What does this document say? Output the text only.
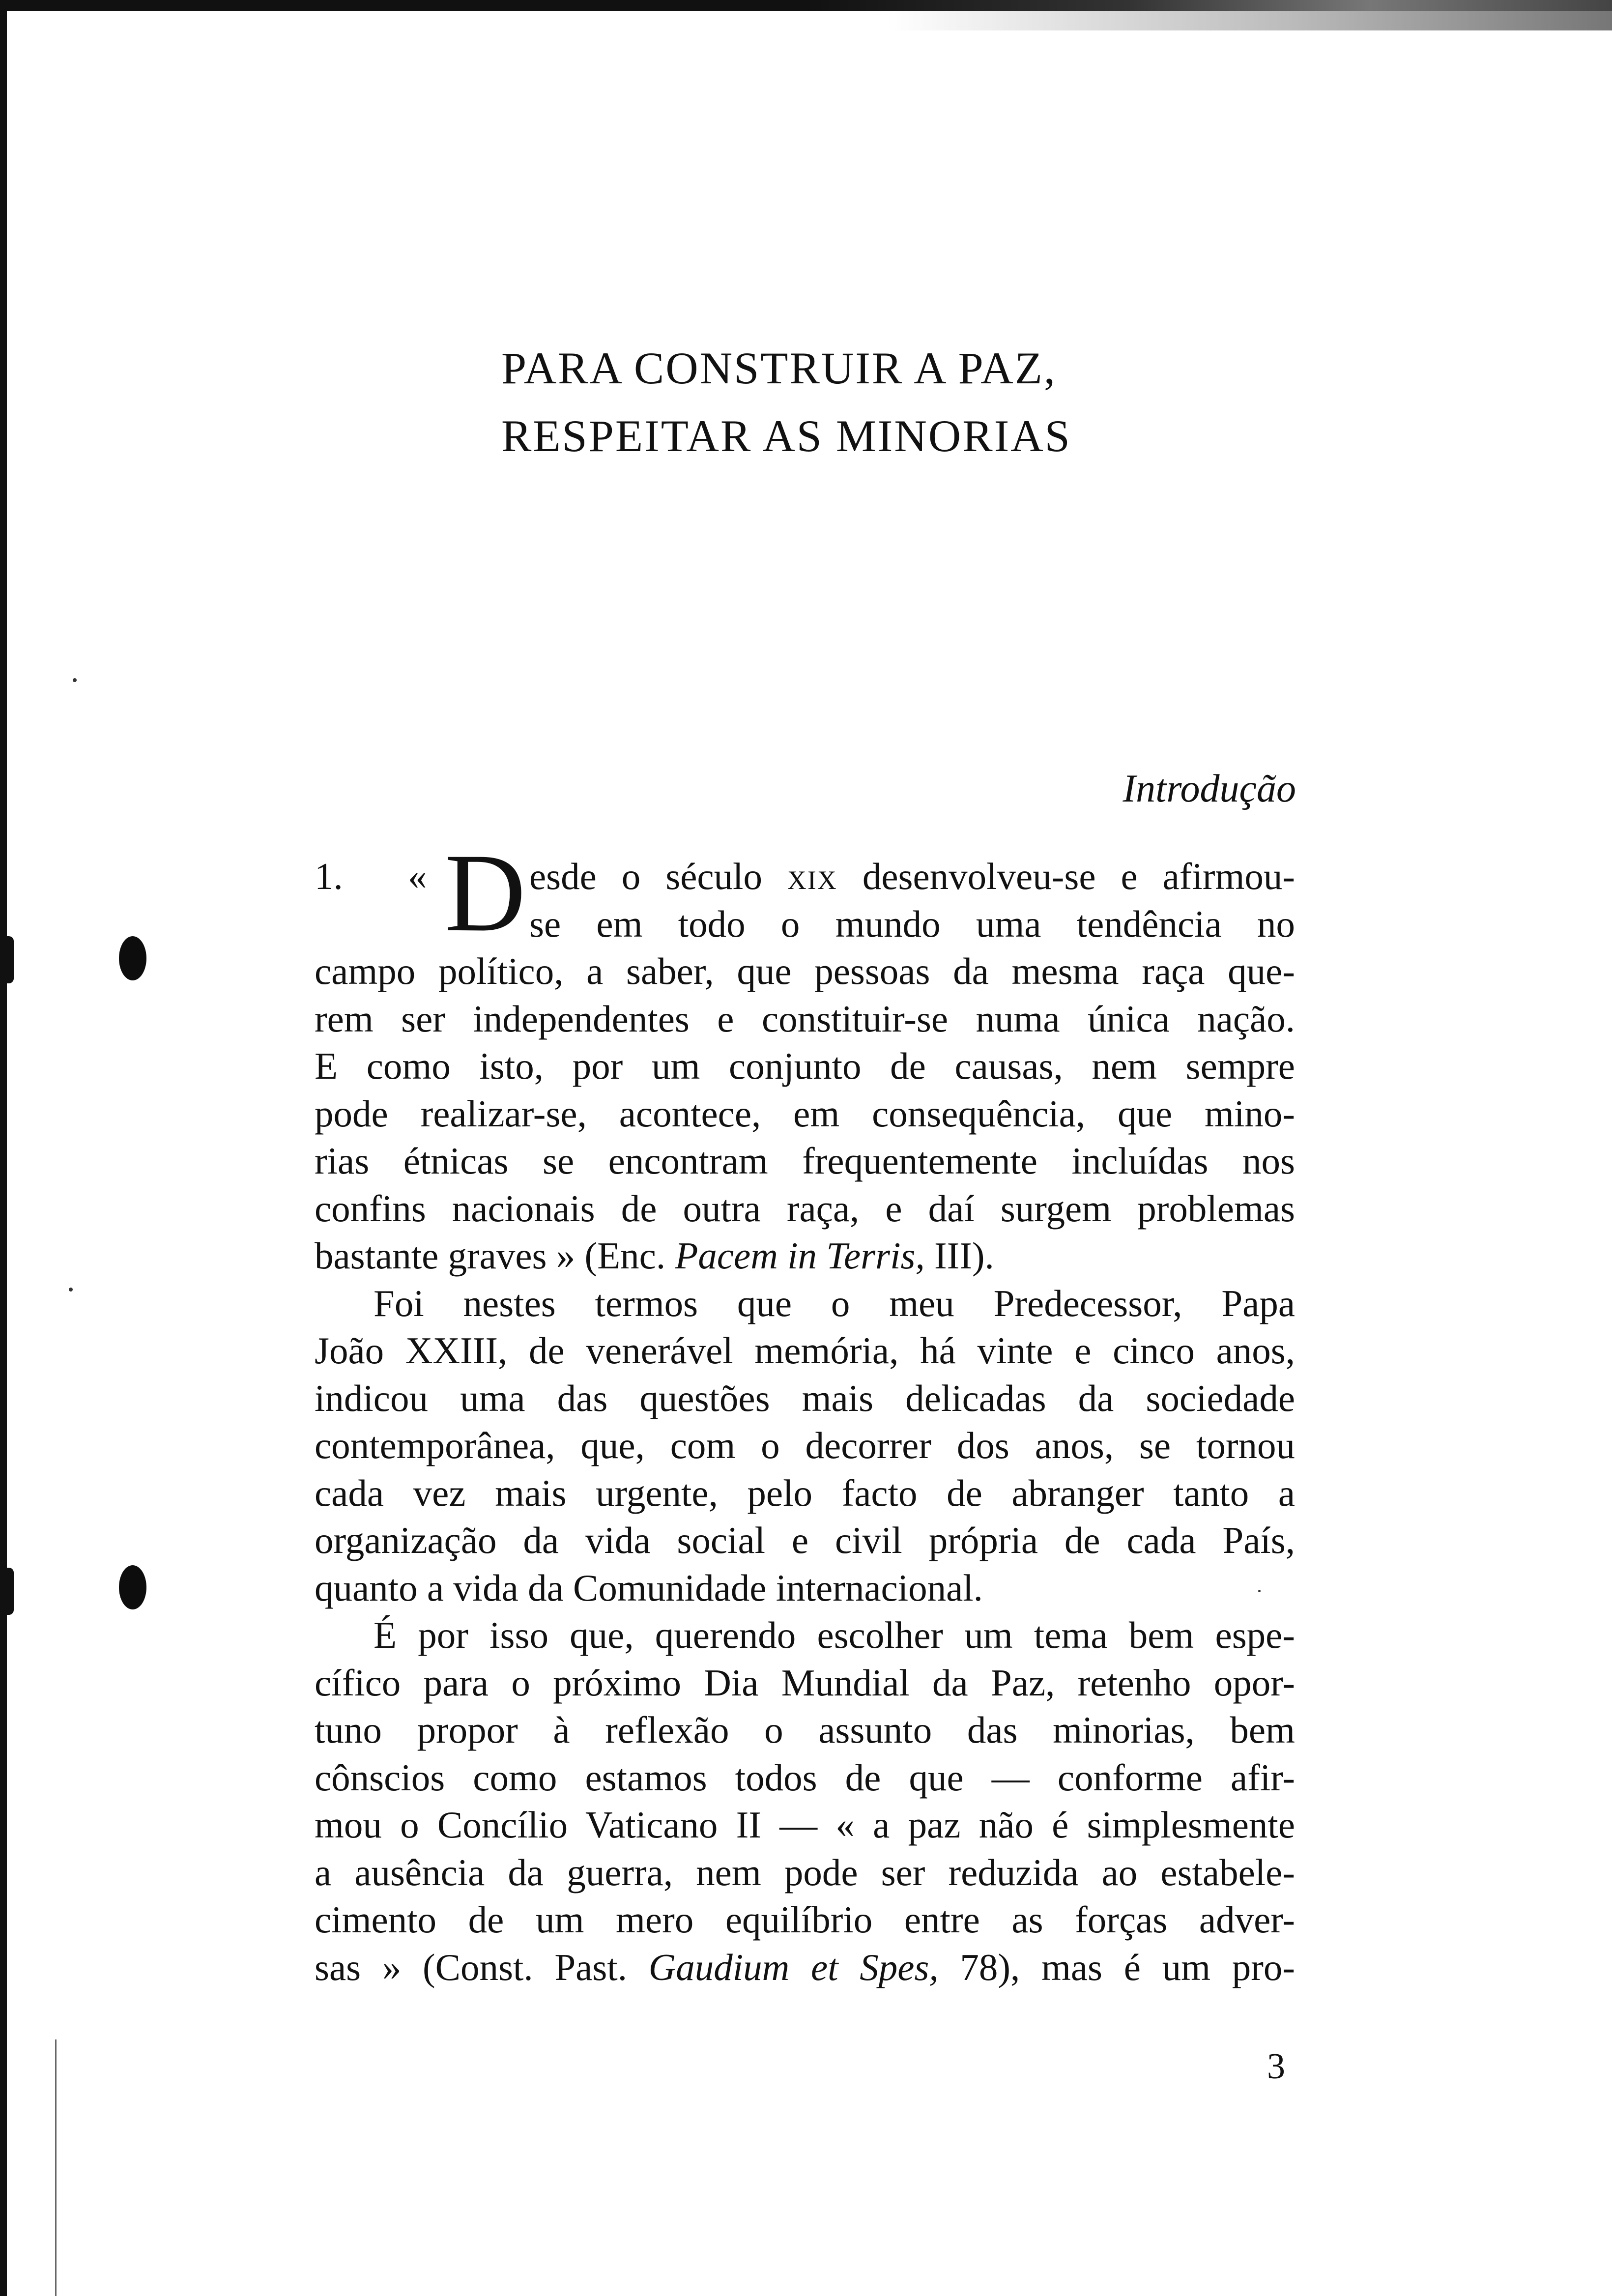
PARA CONSTRUIR A PAZ,
RESPEITAR AS MINORIAS

Introdução

1. « D esde o século xix desenvolveu-se e afirmou-
se em todo o mundo uma tendência no

campo político, a saber, que pessoas da mesma raça que-
rem ser independentes e constituir-se numa única nação.
E como isto, por um conjunto de causas, nem sempre
pode realizar-se, acontece, em consequência, que mino-
rias étnicas se encontram frequentemente incluídas nos
confins nacionais de outra raça, e daí surgem problemas
bastante graves » (Enc. Pacem in Terris, III).

Foi nestes termos que o meu Predecessor, Papa
João XXIII, de venerável memória, há vinte e cinco anos,
indicou uma das questões mais delicadas da sociedade
contemporânea, que, com o decorrer dos anos, se tornou
cada vez mais urgente, pelo facto de abranger tanto a
organização da vida social e civil própria de cada País,
quanto a vida da Comunidade internacional.

É por isso que, querendo escolher um tema bem espe-
cífico para o próximo Dia Mundial da Paz, retenho opor-
tuno propor à reflexão o assunto das minorias, bem
cônscios como estamos todos de que — conforme afir-
mou o Concílio Vaticano II — « a paz não é simplesmente
a ausência da guerra, nem pode ser reduzida ao estabele-
cimento de um mero equilíbrio entre as forças adver-
sas » (Const. Past. Gaudium et Spes, 78), mas é um pro-

3
